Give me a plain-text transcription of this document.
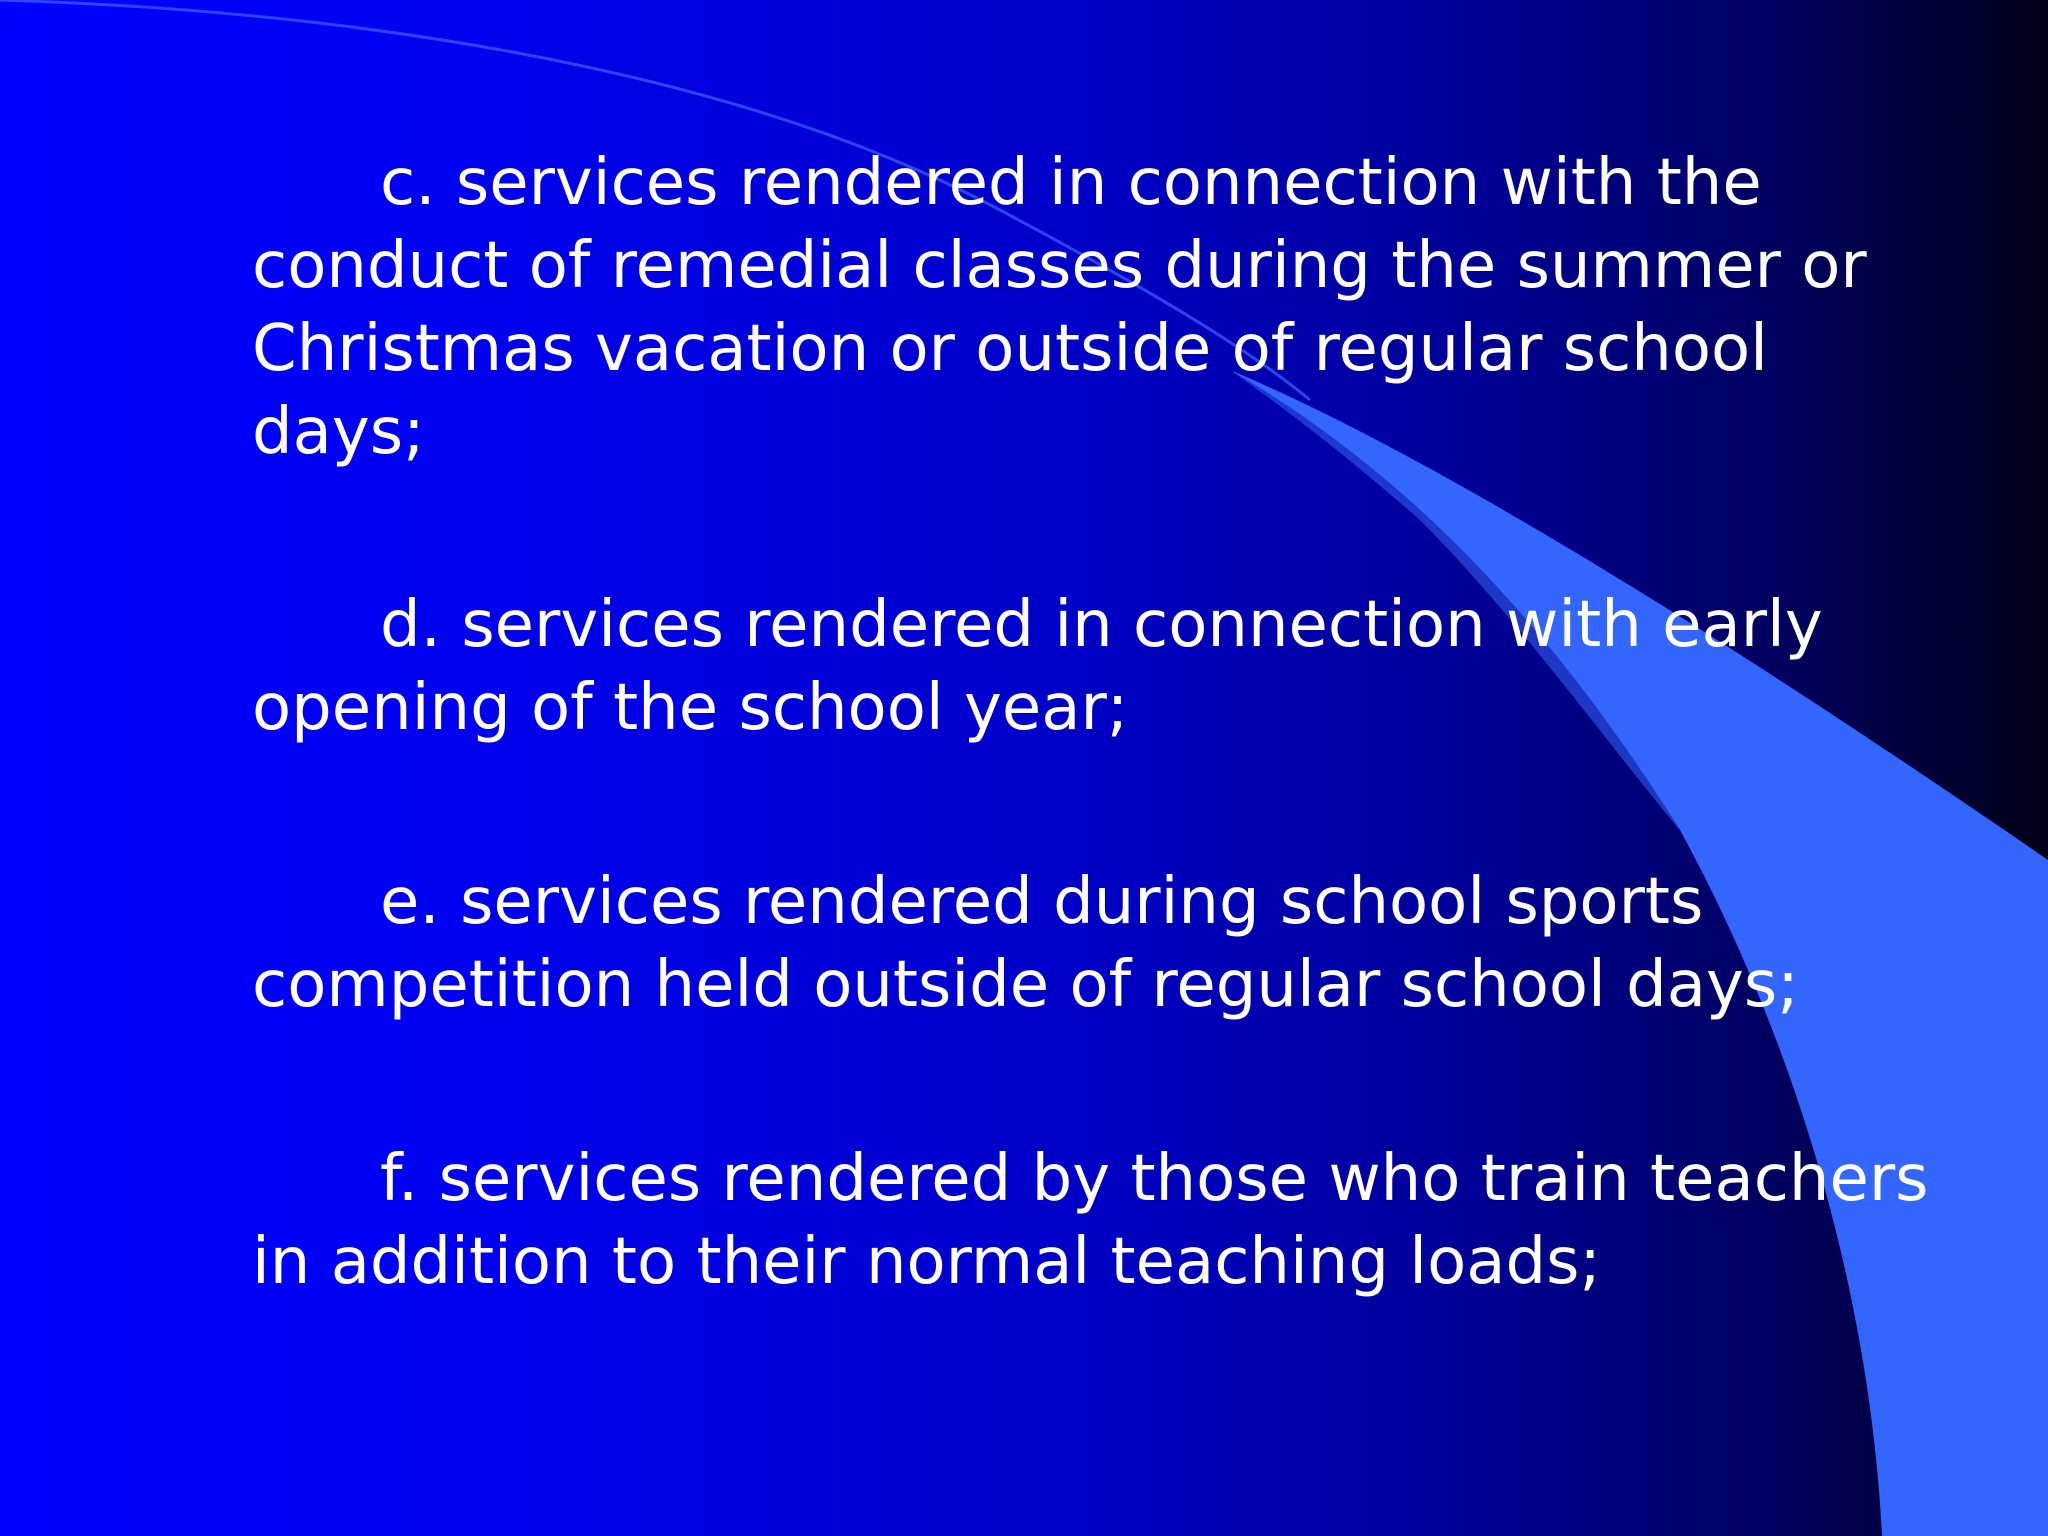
c. services rendered in connection with the conduct of remedial classes during the summer or Christmas vacation or outside of regular school days;

d. services rendered in connection with early opening of the school year;

e. services rendered during school sports competition held outside of regular school days;

f. services rendered by those who train teachers in addition to their normal teaching loads;
